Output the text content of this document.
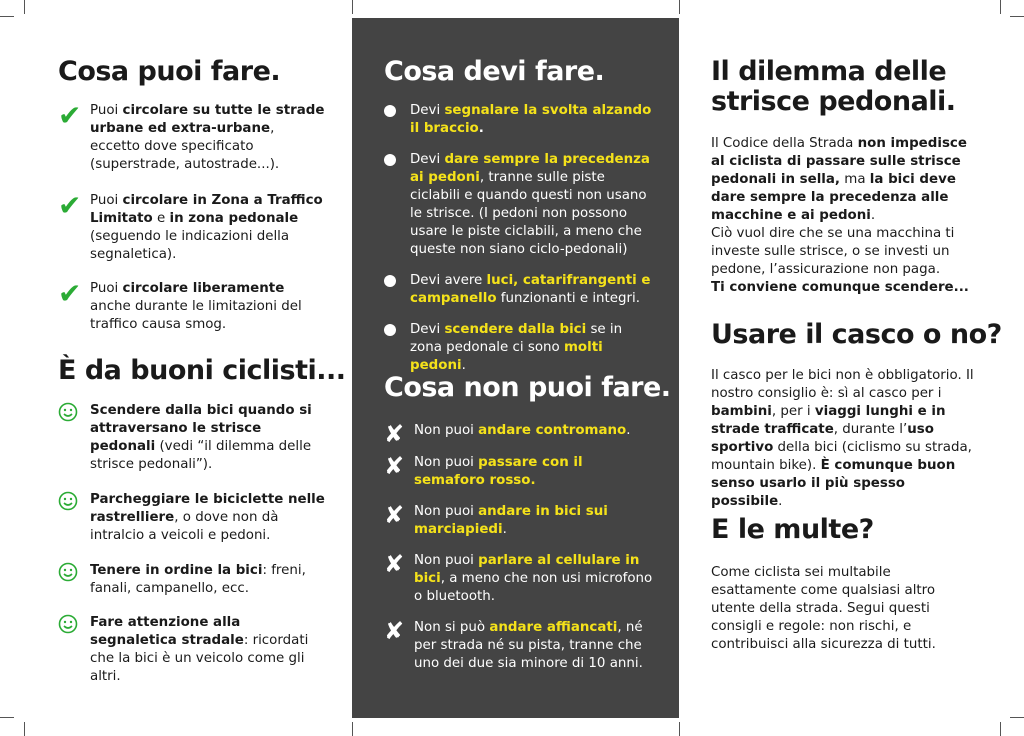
Cosa puoi fare.
✔ Puoi circolare su tutte le strade urbane ed extra-urbane, eccetto dove specificato (superstrade, autostrade...).
✔ Puoi circolare in Zona a Traffico Limitato e in zona pedonale (seguendo le indicazioni della segnaletica).
✔ Puoi circolare liberamente anche durante le limitazioni del traffico causa smog.
È da buoni ciclisti...
Scendere dalla bici quando si attraversano le strisce pedonali (vedi “il dilemma delle strisce pedonali”).
Parcheggiare le biciclette nelle rastrelliere, o dove non dà intralcio a veicoli e pedoni.
Tenere in ordine la bici: freni, fanali, campanello, ecc.
Fare attenzione alla segnaletica stradale: ricordati che la bici è un veicolo come gli altri.
Cosa devi fare.
Devi segnalare la svolta alzando il braccio.
Devi dare sempre la precedenza ai pedoni, tranne sulle piste ciclabili e quando questi non usano le strisce. (I pedoni non possono usare le piste ciclabili, a meno che queste non siano ciclo-pedonali)
Devi avere luci, catarifrangenti e campanello funzionanti e integri.
Devi scendere dalla bici se in zona pedonale ci sono molti pedoni.
Cosa non puoi fare.
✘ Non puoi andare contromano.
✘ Non puoi passare con il semaforo rosso.
✘ Non puoi andare in bici sui marciapiedi.
✘ Non puoi parlare al cellulare in bici, a meno che non usi microfono o bluetooth.
✘ Non si può andare affiancati, né per strada né su pista, tranne che uno dei due sia minore di 10 anni.
Il dilemma delle strisce pedonali.
Il Codice della Strada non impedisce al ciclista di passare sulle strisce pedonali in sella, ma la bici deve dare sempre la precedenza alle macchine e ai pedoni.
Ciò vuol dire che se una macchina ti investe sulle strisce, o se investi un pedone, l’assicurazione non paga.
Ti conviene comunque scendere...
Usare il casco o no?
Il casco per le bici non è obbligatorio. Il nostro consiglio è: sì al casco per i bambini, per i viaggi lunghi e in strade trafficate, durante l’uso sportivo della bici (ciclismo su strada, mountain bike). È comunque buon senso usarlo il più spesso possibile.
E le multe?
Come ciclista sei multabile esattamente come qualsiasi altro utente della strada. Segui questi consigli e regole: non rischi, e contribuisci alla sicurezza di tutti.
